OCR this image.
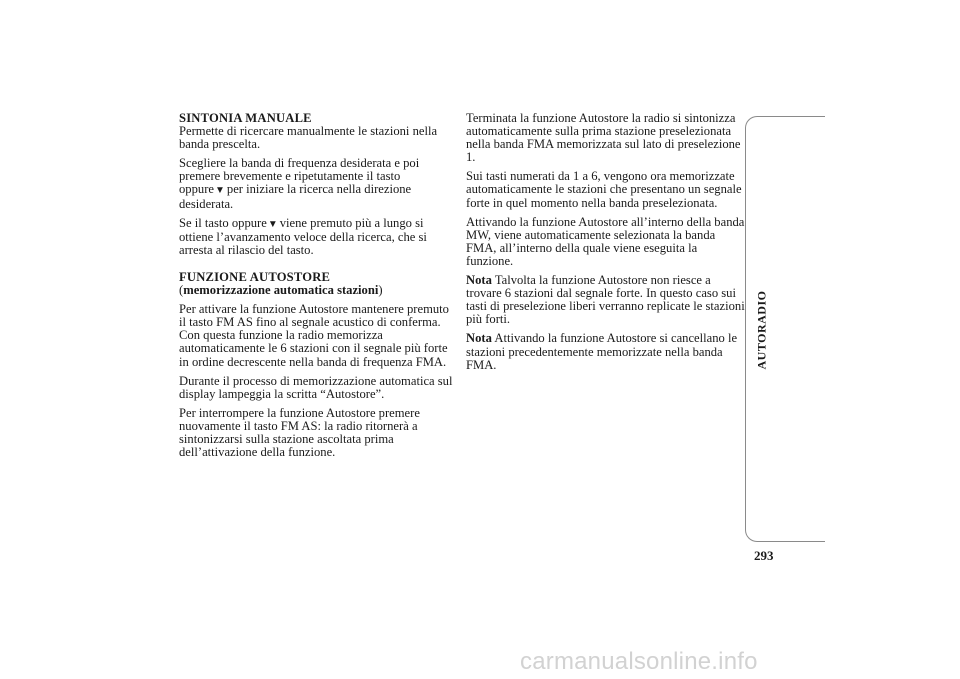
SINTONIA MANUALE

Permette di ricercare manualmente le stazioni nella banda prescelta.

Scegliere la banda di frequenza desiderata e poi premere brevemente e ripetutamente il tasto
oppure▼ per iniziare la ricerca nella direzione desiderata.

Se il tasto oppure▼ viene premuto più a lungo si ottiene l’avanzamento veloce della ricerca, che si arresta al rilascio del tasto.

FUNZIONE AUTOSTORE

(memorizzazione automatica stazioni)

Per attivare la funzione Autostore mantenere premuto il tasto FM AS fino al segnale acustico di conferma. Con questa funzione la radio memorizza automaticamente le 6 stazioni con il segnale più forte in ordine decrescente nella banda di frequenza FMA.

Durante il processo di memorizzazione automatica sul display lampeggia la scritta “Autostore”.

Per interrompere la funzione Autostore premere nuovamente il tasto FM AS: la radio ritornerà a sintonizzarsi sulla stazione ascoltata prima dell’attivazione della funzione.

Terminata la funzione Autostore la radio si sintonizza automaticamente sulla prima stazione preselezionata nella banda FMA memorizzata sul lato di preselezione 1.

Sui tasti numerati da 1 a 6, vengono ora memorizzate automaticamente le stazioni che presentano un segnale forte in quel momento nella banda preselezionata.

Attivando la funzione Autostore all’interno della banda MW, viene automaticamente selezionata la banda FMA, all’interno della quale viene eseguita la funzione.

Nota Talvolta la funzione Autostore non riesce a trovare 6 stazioni dal segnale forte. In questo caso sui tasti di preselezione liberi verranno replicate le stazioni più forti.

Nota Attivando la funzione Autostore si cancellano le stazioni precedentemente memorizzate nella banda FMA.	AUTORADIO
293
carmanualsonline.info
